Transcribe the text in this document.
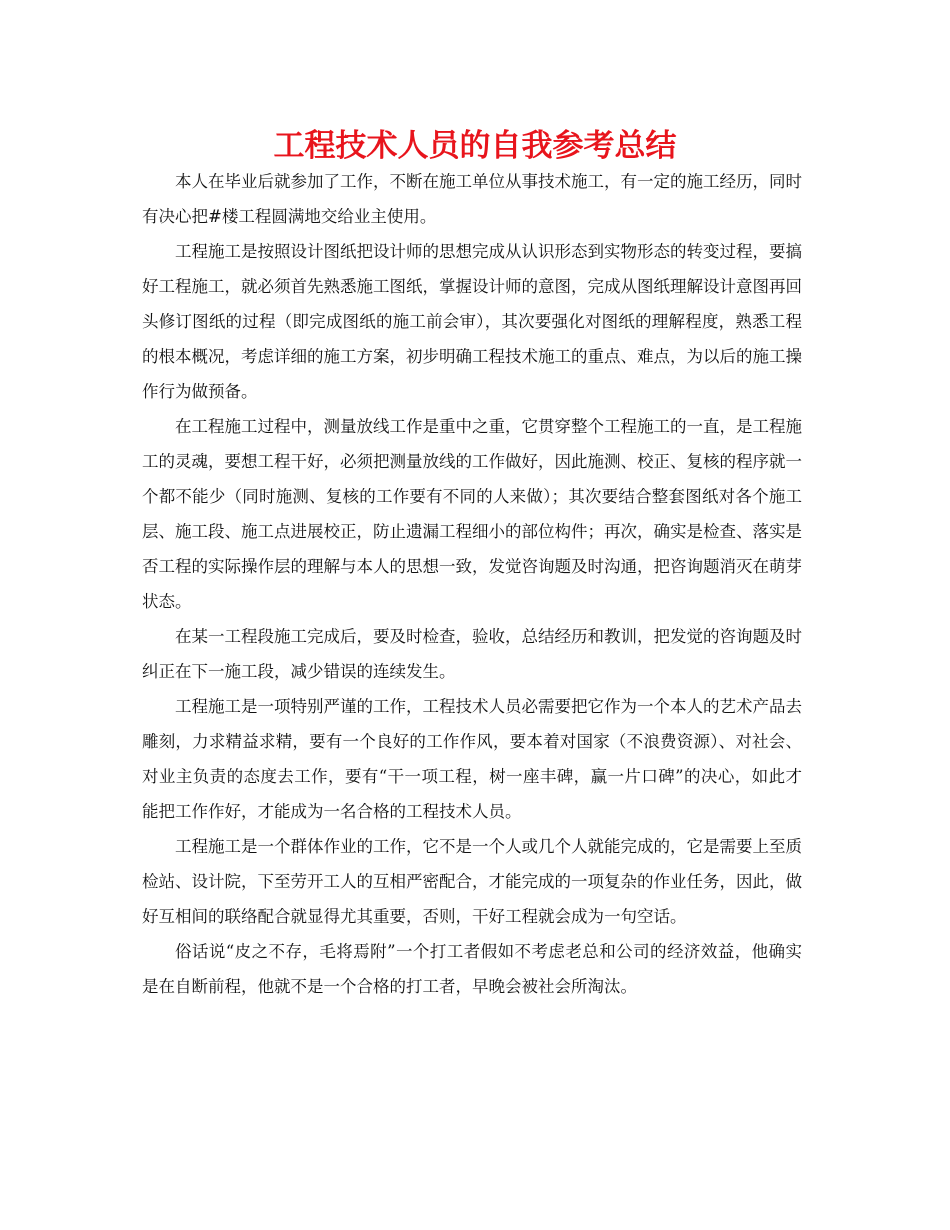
工程技术人员的自我参考总结

本人在毕业后就参加了工作，不断在施工单位从事技术施工，有一定的施工经历，同时有决心把#楼工程圆满地交给业主使用。

工程施工是按照设计图纸把设计师的思想完成从认识形态到实物形态的转变过程，要搞好工程施工，就必须首先熟悉施工图纸，掌握设计师的意图，完成从图纸理解设计意图再回头修订图纸的过程（即完成图纸的施工前会审），其次要强化对图纸的理解程度，熟悉工程的根本概况，考虑详细的施工方案，初步明确工程技术施工的重点、难点，为以后的施工操作行为做预备。

在工程施工过程中，测量放线工作是重中之重，它贯穿整个工程施工的一直，是工程施工的灵魂，要想工程干好，必须把测量放线的工作做好，因此施测、校正、复核的程序就一个都不能少（同时施测、复核的工作要有不同的人来做）；其次要结合整套图纸对各个施工层、施工段、施工点进展校正，防止遗漏工程细小的部位构件；再次，确实是检查、落实是否工程的实际操作层的理解与本人的思想一致，发觉咨询题及时沟通，把咨询题消灭在萌芽状态。

在某一工程段施工完成后，要及时检查，验收，总结经历和教训，把发觉的咨询题及时纠正在下一施工段，减少错误的连续发生。

工程施工是一项特别严谨的工作，工程技术人员必需要把它作为一个本人的艺术产品去雕刻，力求精益求精，要有一个良好的工作作风，要本着对国家（不浪费资源）、对社会、对业主负责的态度去工作，要有“干一项工程，树一座丰碑，赢一片口碑”的决心，如此才能把工作作好，才能成为一名合格的工程技术人员。

工程施工是一个群体作业的工作，它不是一个人或几个人就能完成的，它是需要上至质检站、设计院，下至劳开工人的互相严密配合，才能完成的一项复杂的作业任务，因此，做好互相间的联络配合就显得尤其重要，否则，干好工程就会成为一句空话。

俗话说“皮之不存，毛将焉附”一个打工者假如不考虑老总和公司的经济效益，他确实是在自断前程，他就不是一个合格的打工者，早晚会被社会所淘汰。
